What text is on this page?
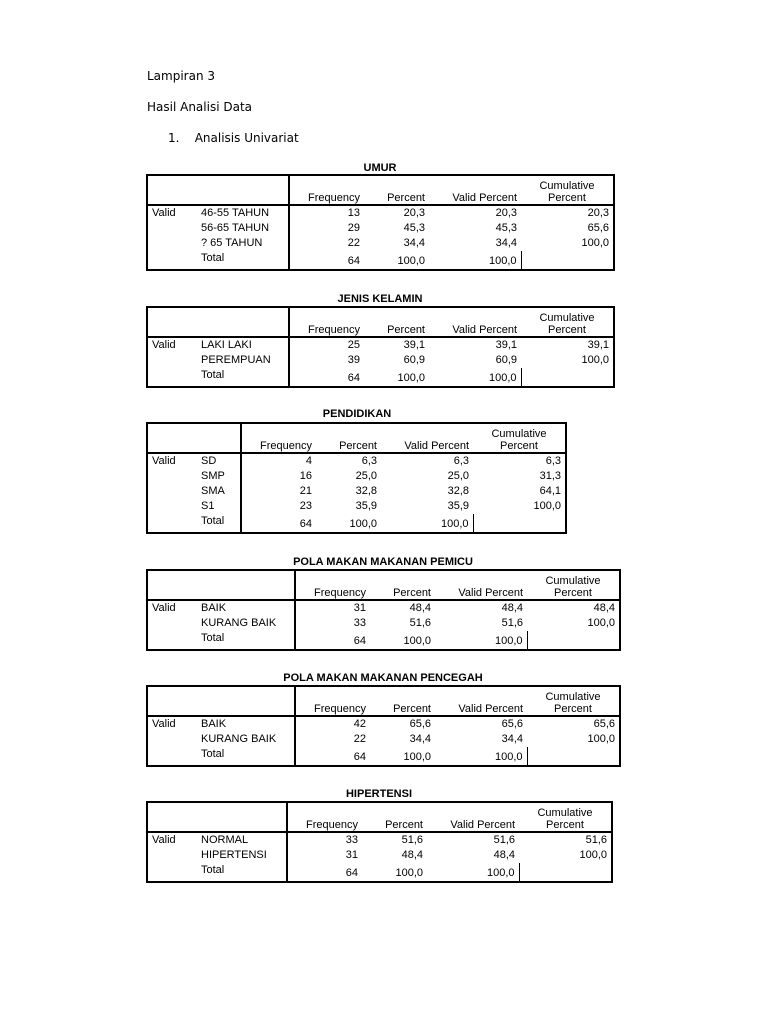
Lampiran 3
Hasil Analisi Data
1.    Analisis Univariat
UMUR
		Frequency	Percent	Valid Percent	Cumulative
Percent

Valid	46-55 TAHUN	13	20,3	20,3	20,3
	56-65 TAHUN	29	45,3	45,3	65,6
	? 65 TAHUN	22	34,4	34,4	100,0
	Total	64	100,0	100,0	
JENIS KELAMIN
		Frequency	Percent	Valid Percent	Cumulative
Percent

Valid	LAKI LAKI	25	39,1	39,1	39,1
	PEREMPUAN	39	60,9	60,9	100,0
	Total	64	100,0	100,0	
PENDIDIKAN
		Frequency	Percent	Valid Percent	Cumulative
Percent

Valid	SD	4	6,3	6,3	6,3
	SMP	16	25,0	25,0	31,3
	SMA	21	32,8	32,8	64,1
	S1	23	35,9	35,9	100,0
	Total	64	100,0	100,0	
POLA MAKAN MAKANAN PEMICU
		Frequency	Percent	Valid Percent	Cumulative
Percent

Valid	BAIK	31	48,4	48,4	48,4
	KURANG BAIK	33	51,6	51,6	100,0
	Total	64	100,0	100,0	
POLA MAKAN MAKANAN PENCEGAH
		Frequency	Percent	Valid Percent	Cumulative
Percent

Valid	BAIK	42	65,6	65,6	65,6
	KURANG BAIK	22	34,4	34,4	100,0
	Total	64	100,0	100,0	
HIPERTENSI
		Frequency	Percent	Valid Percent	Cumulative
Percent

Valid	NORMAL	33	51,6	51,6	51,6
	HIPERTENSI	31	48,4	48,4	100,0
	Total	64	100,0	100,0	
